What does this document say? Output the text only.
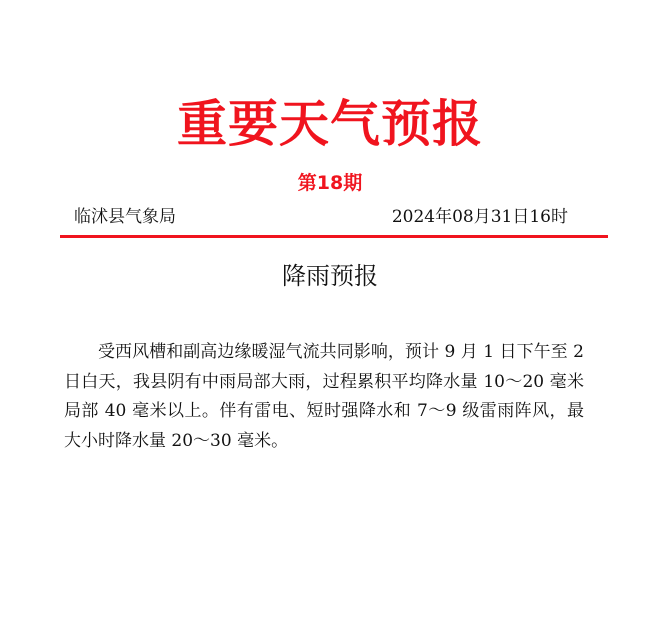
重要天气预报
第18期
临沭县气象局	2024年08月31日16时
降雨预报

受西风槽和副高边缘暖湿气流共同影响，预计 9 月 1 日下午至 2 日白天，我县阴有中雨局部大雨，过程累积平均降水量 10～20 毫米局部 40 毫米以上。伴有雷电、短时强降水和 7～9 级雷雨阵风，最大小时降水量 20～30 毫米。
